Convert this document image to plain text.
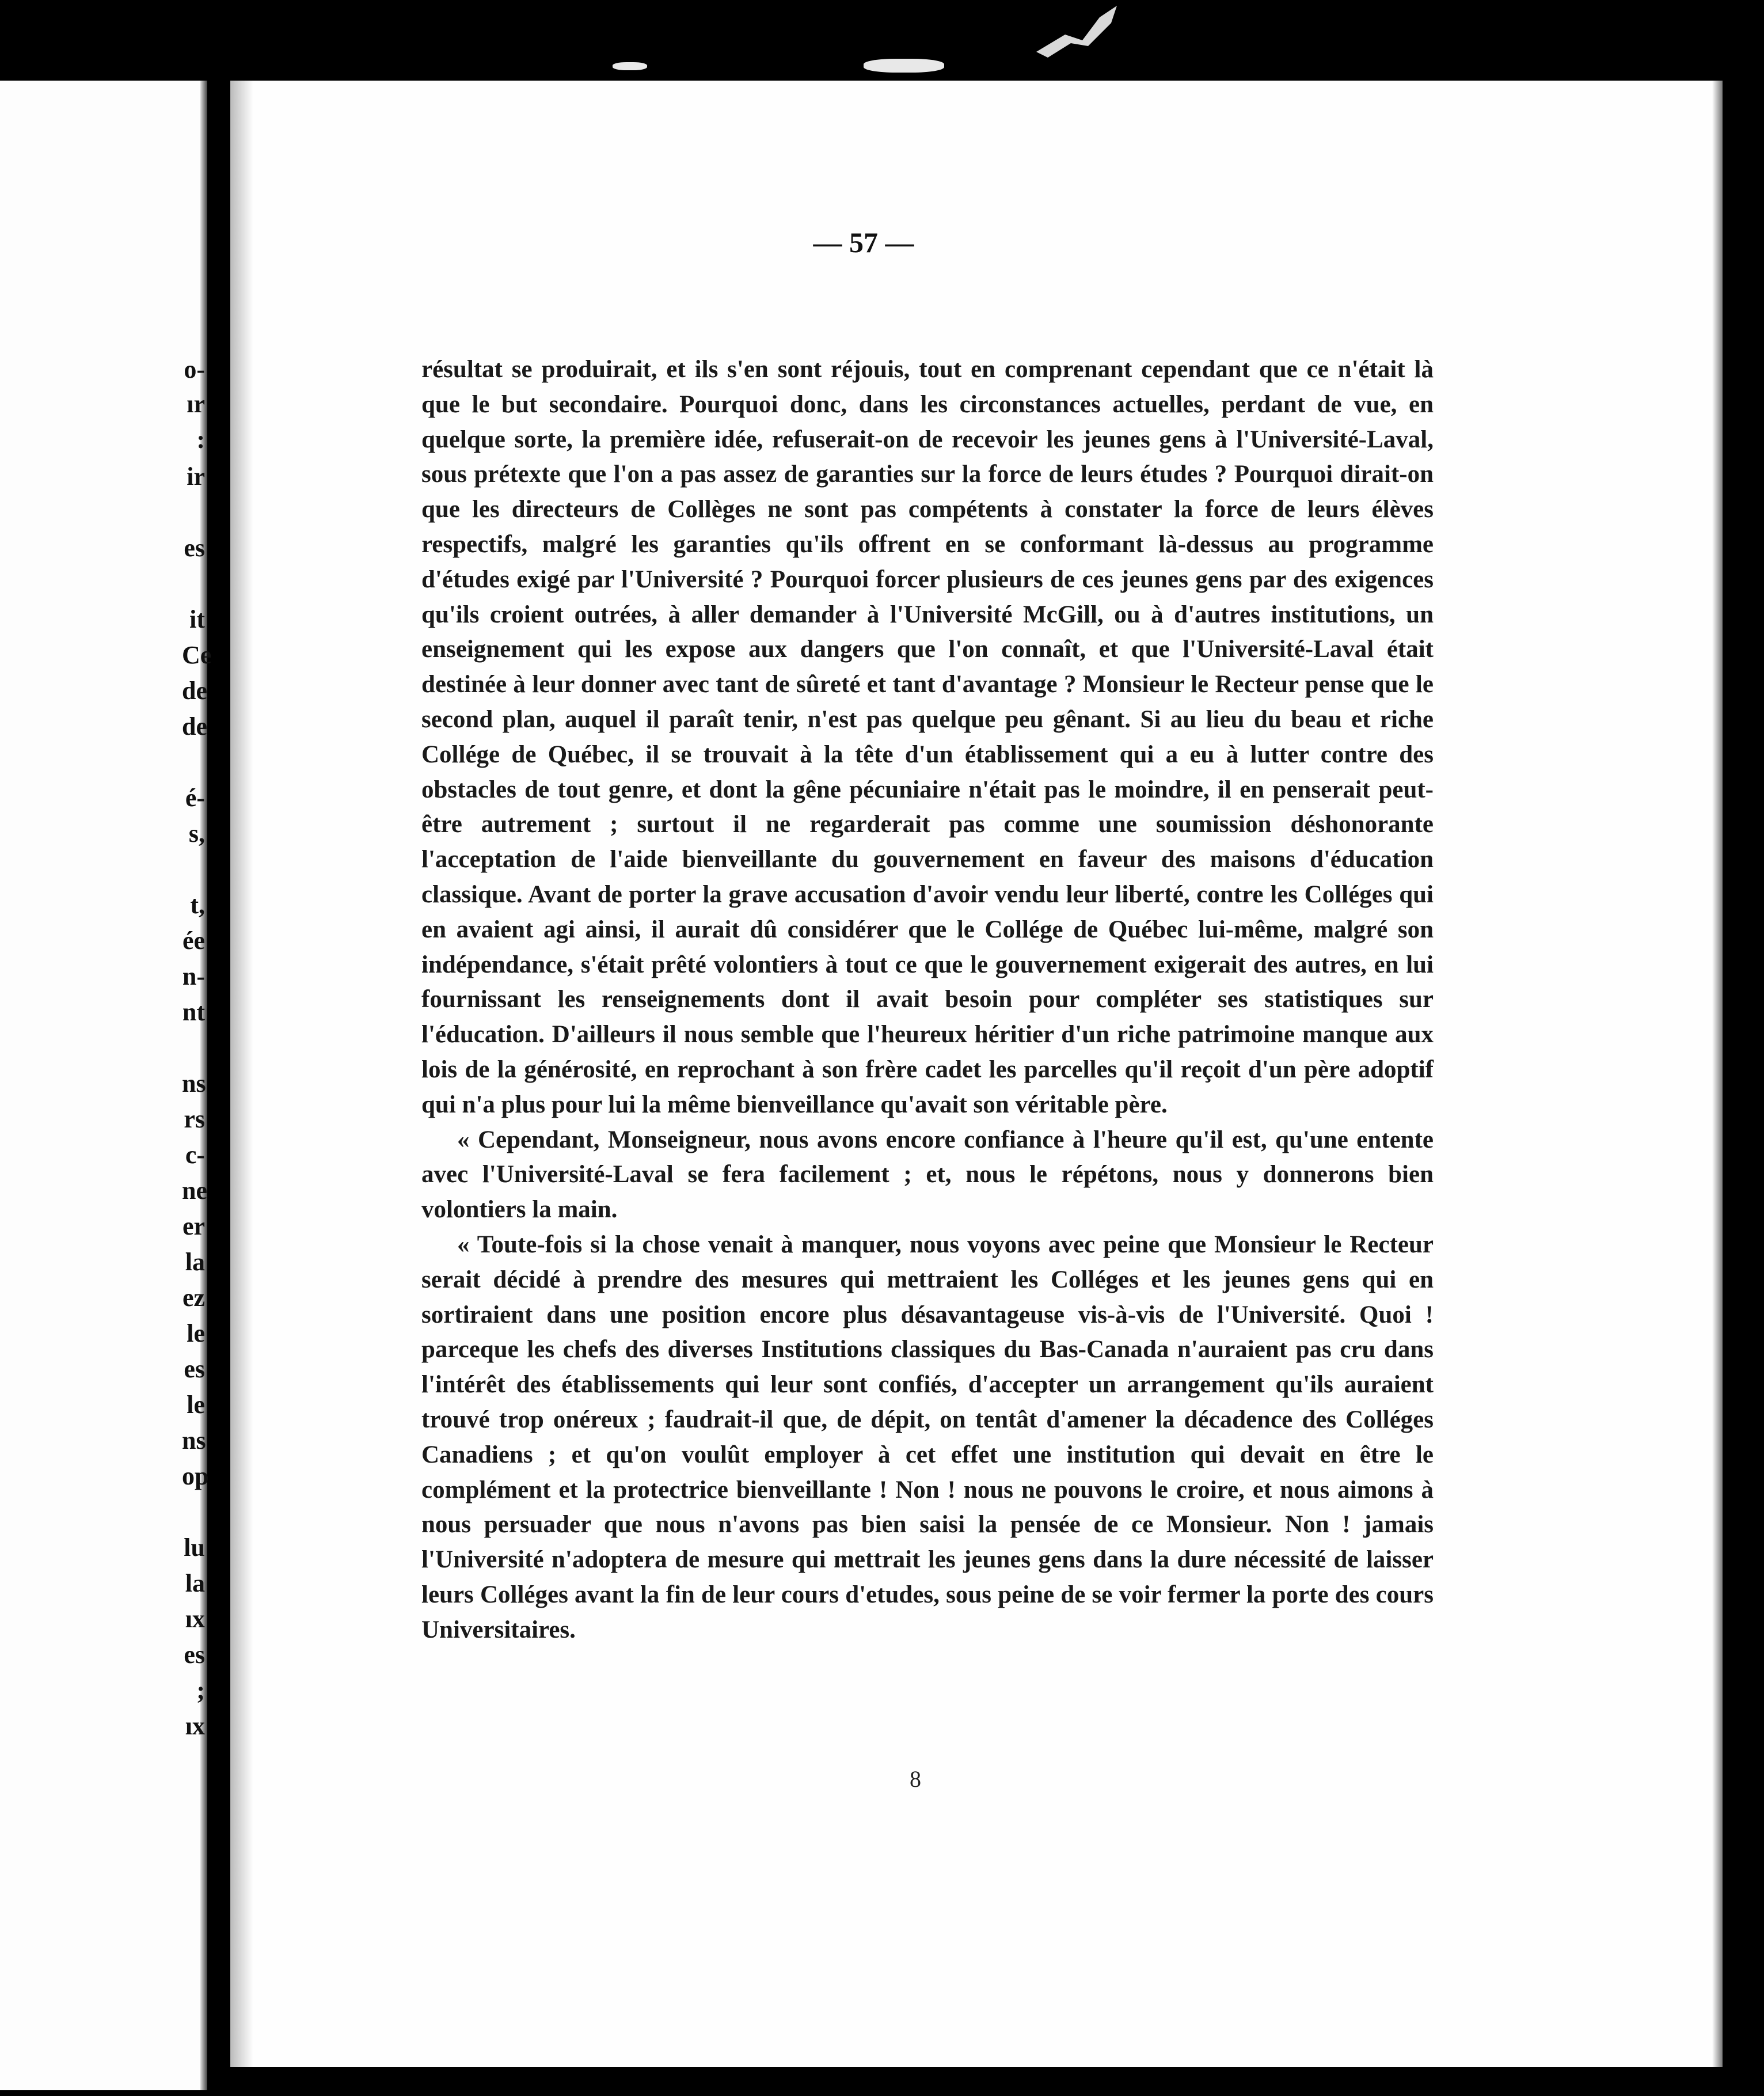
o-
ır
:
ir
es
it
Ce
de
de
é-
s,
t,
ée
n-
nt
ns
rs
c-
ne
er
la
ez
le
es
le
ns
op
lu
la
ıx
es
;
ıx
— 57 —

résultat se produirait, et ils s'en sont réjouis, tout en comprenant cependant que ce n'était là que le but secondaire. Pourquoi donc, dans les circonstances actuelles, perdant de vue, en quelque sorte, la première idée, refuserait-on de recevoir les jeunes gens à l'Université-Laval, sous prétexte que l'on a pas assez de garanties sur la force de leurs études ? Pourquoi dirait-on que les directeurs de Collèges ne sont pas compétents à constater la force de leurs élèves respectifs, malgré les garanties qu'ils offrent en se conformant là-dessus au programme d'études exigé par l'Université ? Pourquoi forcer plusieurs de ces jeunes gens par des exigences qu'ils croient outrées, à aller demander à l'Université McGill, ou à d'autres institutions, un enseignement qui les expose aux dangers que l'on connaît, et que l'Université-Laval était destinée à leur donner avec tant de sûreté et tant d'avantage ? Monsieur le Recteur pense que le second plan, auquel il paraît tenir, n'est pas quelque peu gênant. Si au lieu du beau et riche Collége de Québec, il se trouvait à la tête d'un établissement qui a eu à lutter contre des obstacles de tout genre, et dont la gêne pécuniaire n'était pas le moindre, il en penserait peut-être autrement ; surtout il ne regarderait pas comme une soumission déshonorante l'acceptation de l'aide bienveillante du gouvernement en faveur des maisons d'éducation classique. Avant de porter la grave accusation d'avoir vendu leur liberté, contre les Colléges qui en avaient agi ainsi, il aurait dû considérer que le Collége de Québec lui-même, malgré son indépendance, s'était prêté volontiers à tout ce que le gouvernement exigerait des autres, en lui fournissant les renseignements dont il avait besoin pour compléter ses statistiques sur l'éducation. D'ailleurs il nous semble que l'heureux héritier d'un riche patrimoine manque aux lois de la générosité, en reprochant à son frère cadet les parcelles qu'il reçoit d'un père adoptif qui n'a plus pour lui la même bienveillance qu'avait son véritable père.

« Cependant, Monseigneur, nous avons encore confiance à l'heure qu'il est, qu'une entente avec l'Université-Laval se fera facilement ; et, nous le répétons, nous y donnerons bien volontiers la main.

« Toute-fois si la chose venait à manquer, nous voyons avec peine que Monsieur le Recteur serait décidé à prendre des mesures qui mettraient les Colléges et les jeunes gens qui en sortiraient dans une position encore plus désavantageuse vis-à-vis de l'Université. Quoi ! parceque les chefs des diverses Institutions classiques du Bas-Canada n'auraient pas cru dans l'intérêt des établissements qui leur sont confiés, d'accepter un arrangement qu'ils auraient trouvé trop onéreux ; faudrait-il que, de dépit, on tentât d'amener la décadence des Colléges Canadiens ; et qu'on voulût employer à cet effet une institution qui devait en être le complément et la protectrice bienveillante ! Non ! nous ne pouvons le croire, et nous aimons à nous persuader que nous n'avons pas bien saisi la pensée de ce Monsieur. Non ! jamais l'Université n'adoptera de mesure qui mettrait les jeunes gens dans la dure nécessité de laisser leurs Colléges avant la fin de leur cours d'etudes, sous peine de se voir fermer la porte des cours Universitaires.

8
